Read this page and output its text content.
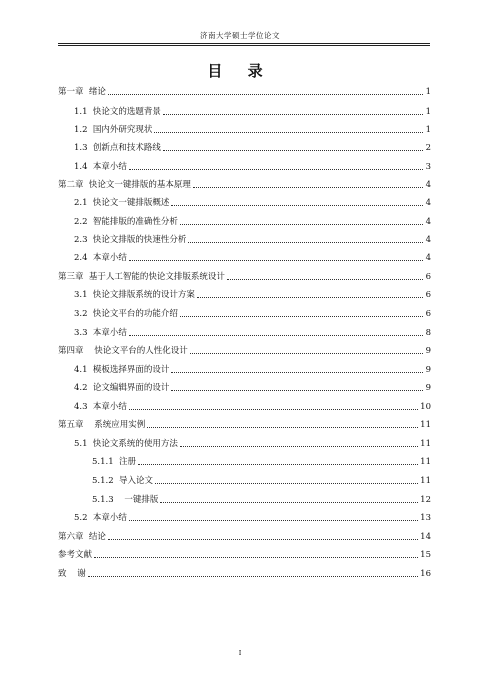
济南大学硕士学位论文
目 录
第一章  绪论	1
1.1  快论文的选题背景	1
1.2  国内外研究现状	1
1.3  创新点和技术路线	2
1.4  本章小结	3
第二章  快论文一键排版的基本原理	4
2.1  快论文一键排版概述	4
2.2  智能排版的准确性分析	4
2.3  快论文排版的快速性分析	4
2.4  本章小结	4
第三章  基于人工智能的快论文排版系统设计	6
3.1  快论文排版系统的设计方案	6
3.2  快论文平台的功能介绍	6
3.3  本章小结	8
第四章    快论文平台的人性化设计	9
4.1  模板选择界面的设计	9
4.2  论文编辑界面的设计	9
4.3  本章小结	10
第五章    系统应用实例	11
5.1  快论文系统的使用方法	11
5.1.1  注册	11
5.1.2  导入论文	11
5.1.3    一键排版	12
5.2  本章小结	13
第六章  结论	14
参考文献	15
致    谢	16
I
